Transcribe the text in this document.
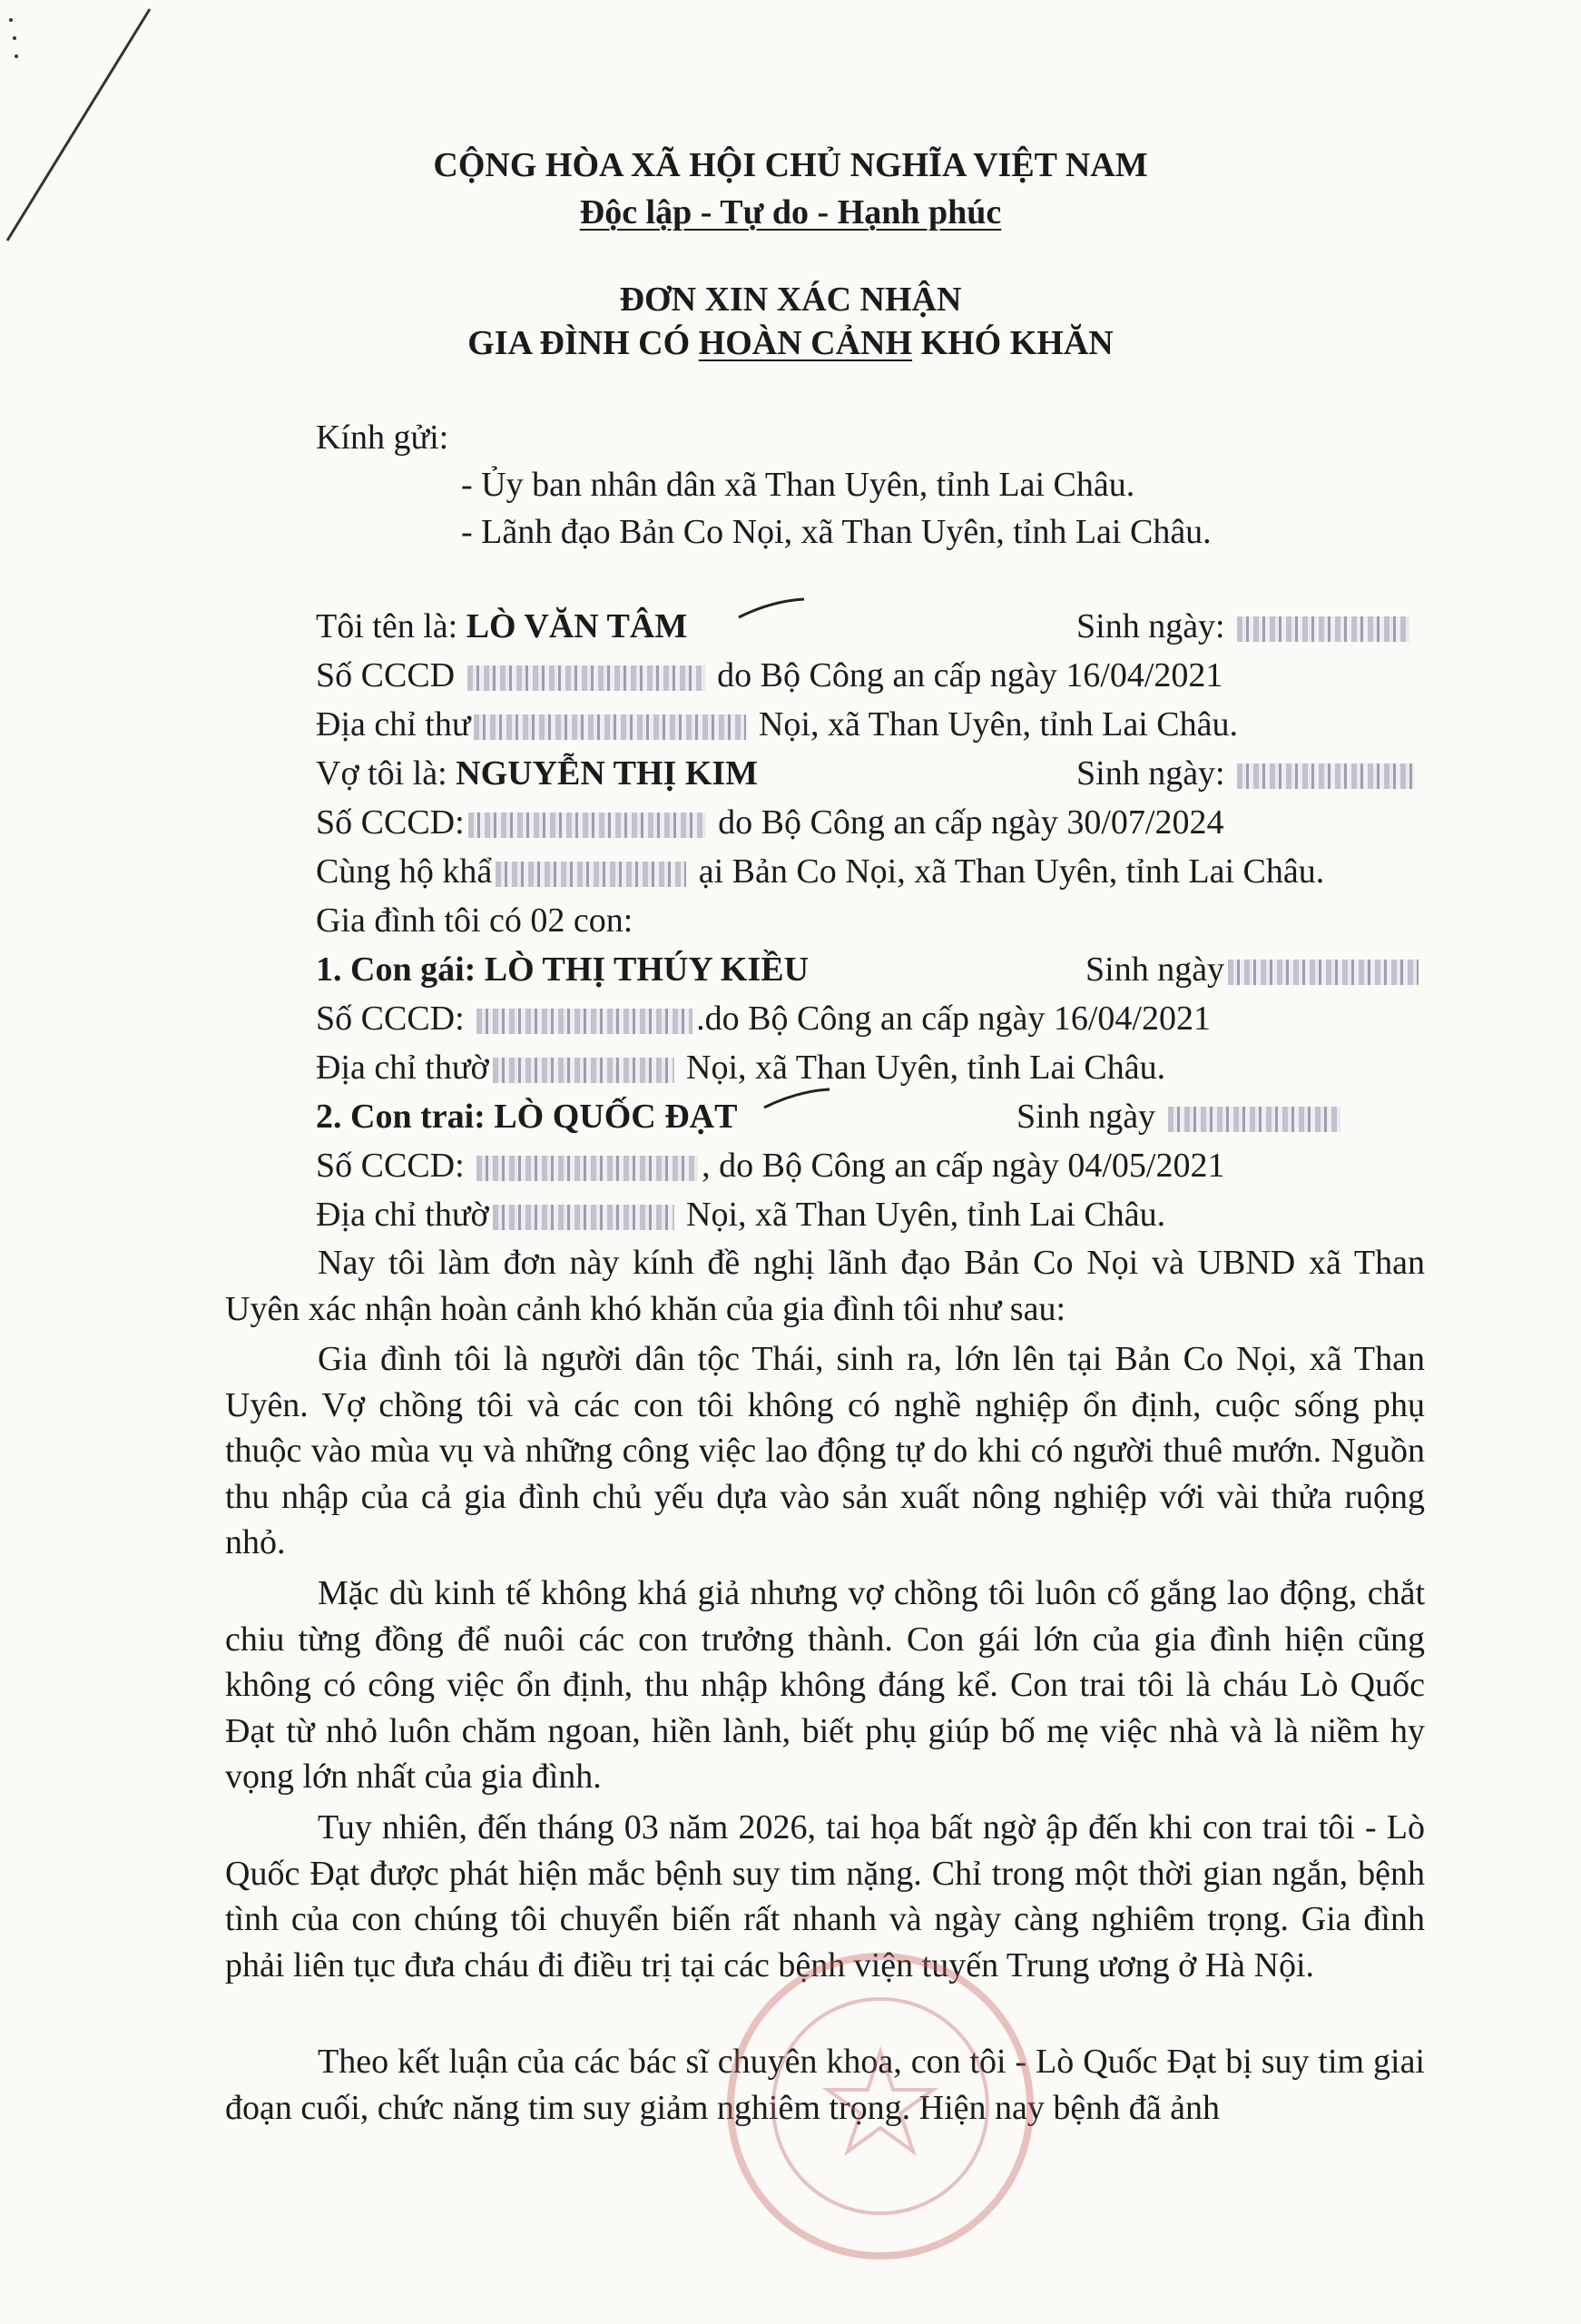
CỘNG HÒA XÃ HỘI CHỦ NGHĨA VIỆT NAM
Độc lập - Tự do - Hạnh phúc
ĐƠN XIN XÁC NHẬN
GIA ĐÌNH CÓ HOÀN CẢNH KHÓ KHĂN
Kính gửi:
- Ủy ban nhân dân xã Than Uyên, tỉnh Lai Châu.
- Lãnh đạo Bản Co Nọi, xã Than Uyên, tỉnh Lai Châu.
Tôi tên là: LÒ VĂN TÂM	Sinh ngày:
Số CCCD	do Bộ Công an cấp ngày 16/04/2021
Địa chỉ thư	Nọi, xã Than Uyên, tỉnh Lai Châu.
Vợ tôi là: NGUYỄN THỊ KIM	Sinh ngày:
Số CCCD:	do Bộ Công an cấp ngày 30/07/2024
Cùng hộ khẩ	ại Bản Co Nọi, xã Than Uyên, tỉnh Lai Châu.
Gia đình tôi có 02 con:
1. Con gái: LÒ THỊ THÚY KIỀU	Sinh ngày
Số CCCD:	.do Bộ Công an cấp ngày 16/04/2021
Địa chỉ thườ	Nọi, xã Than Uyên, tỉnh Lai Châu.
2. Con trai: LÒ QUỐC ĐẠT	Sinh ngày
Số CCCD:	, do Bộ Công an cấp ngày 04/05/2021
Địa chỉ thườ	Nọi, xã Than Uyên, tỉnh Lai Châu.
Nay tôi làm đơn này kính đề nghị lãnh đạo Bản Co Nọi và UBND xã Than Uyên xác nhận hoàn cảnh khó khăn của gia đình tôi như sau:
Gia đình tôi là người dân tộc Thái, sinh ra, lớn lên tại Bản Co Nọi, xã Than Uyên. Vợ chồng tôi và các con tôi không có nghề nghiệp ổn định, cuộc sống phụ thuộc vào mùa vụ và những công việc lao động tự do khi có người thuê mướn. Nguồn thu nhập của cả gia đình chủ yếu dựa vào sản xuất nông nghiệp với vài thửa ruộng nhỏ.
Mặc dù kinh tế không khá giả nhưng vợ chồng tôi luôn cố gắng lao động, chắt chiu từng đồng để nuôi các con trưởng thành. Con gái lớn của gia đình hiện cũng không có công việc ổn định, thu nhập không đáng kể. Con trai tôi là cháu Lò Quốc Đạt từ nhỏ luôn chăm ngoan, hiền lành, biết phụ giúp bố mẹ việc nhà và là niềm hy vọng lớn nhất của gia đình.
Tuy nhiên, đến tháng 03 năm 2026, tai họa bất ngờ ập đến khi con trai tôi - Lò Quốc Đạt được phát hiện mắc bệnh suy tim nặng. Chỉ trong một thời gian ngắn, bệnh tình của con chúng tôi chuyển biến rất nhanh và ngày càng nghiêm trọng. Gia đình phải liên tục đưa cháu đi điều trị tại các bệnh viện tuyến Trung ương ở Hà Nội.
Theo kết luận của các bác sĩ chuyên khoa, con tôi - Lò Quốc Đạt bị suy tim giai đoạn cuối, chức năng tim suy giảm nghiêm trọng. Hiện nay bệnh đã ảnh
